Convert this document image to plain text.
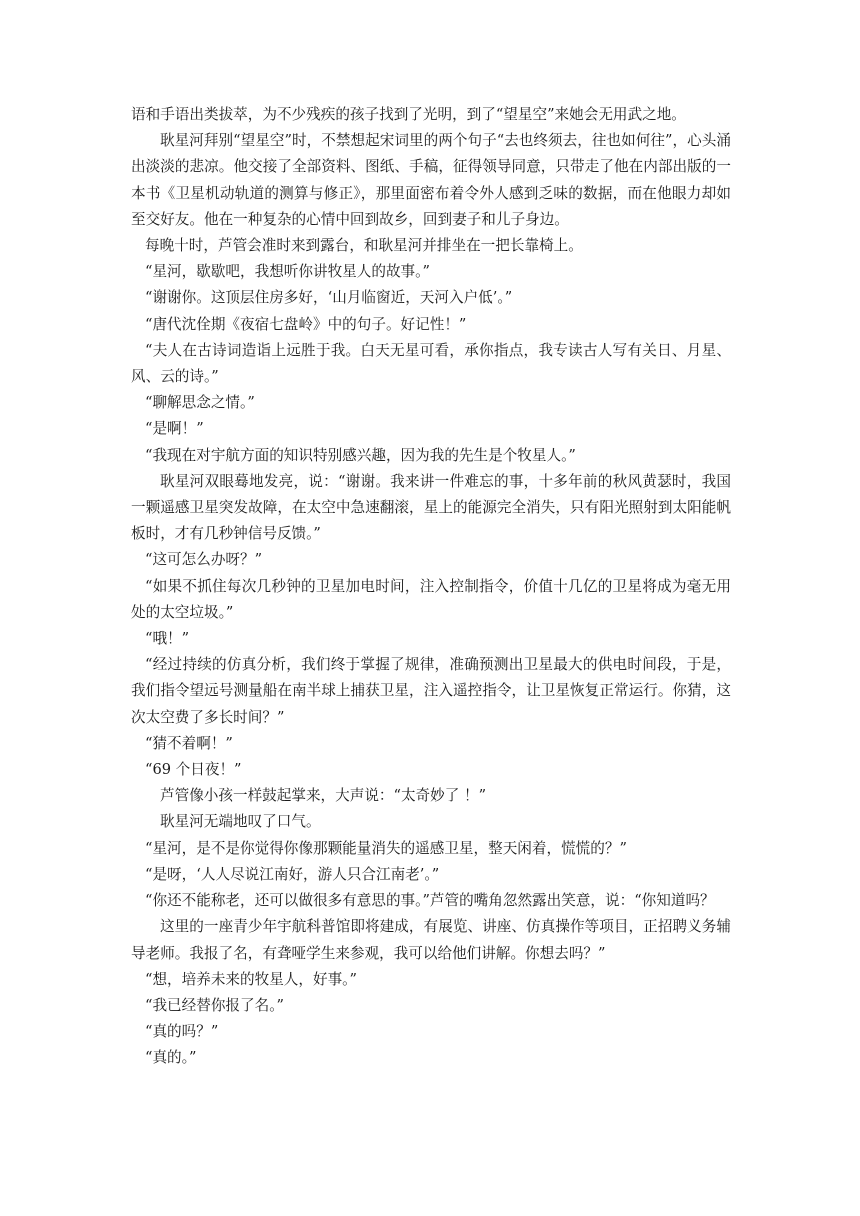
语和手语出类拔萃，为不少残疾的孩子找到了光明，到了“望星空”来她会无用武之地。

耿星河拜别“望星空”时，不禁想起宋词里的两个句子“去也终须去，往也如何往”，心头涌出淡淡的悲凉。他交接了全部资料、图纸、手稿，征得领导同意，只带走了他在内部出版的一本书《卫星机动轨道的测算与修正》，那里面密布着令外人感到乏味的数据，而在他眼力却如至交好友。他在一种复杂的心情中回到故乡，回到妻子和儿子身边。

每晚十时，芦管会准时来到露台，和耿星河并排坐在一把长靠椅上。

“星河，歇歇吧，我想听你讲牧星人的故事。”

“谢谢你。这顶层住房多好，‘山月临窗近，天河入户低’。”

“唐代沈佺期《夜宿七盘岭》中的句子。好记性！”

“夫人在古诗词造诣上远胜于我。白天无星可看，承你指点，我专读古人写有关日、月星、风、云的诗。”

“聊解思念之情。”

“是啊！”

“我现在对宇航方面的知识特别感兴趣，因为我的先生是个牧星人。”

耿星河双眼蓦地发亮，说：“谢谢。我来讲一件难忘的事，十多年前的秋风黄瑟时，我国一颗遥感卫星突发故障，在太空中急速翻滚，星上的能源完全消失，只有阳光照射到太阳能帆板时，才有几秒钟信号反馈。”

“这可怎么办呀？”

“如果不抓住每次几秒钟的卫星加电时间，注入控制指令，价值十几亿的卫星将成为毫无用处的太空垃圾。”

“哦！”

“经过持续的仿真分析，我们终于掌握了规律，准确预测出卫星最大的供电时间段，于是，我们指令望远号测量船在南半球上捕获卫星，注入遥控指令，让卫星恢复正常运行。你猜，这次太空费了多长时间？”

“猜不着啊！”

“69 个日夜！”

芦管像小孩一样鼓起掌来，大声说：“太奇妙了 ！”

耿星河无端地叹了口气。

“星河，是不是你觉得你像那颗能量消失的遥感卫星，整天闲着，慌慌的？”

“是呀，‘人人尽说江南好，游人只合江南老’。”

“你还不能称老，还可以做很多有意思的事。”芦管的嘴角忽然露出笑意，说：“你知道吗？

这里的一座青少年宇航科普馆即将建成，有展览、讲座、仿真操作等项目，正招聘义务辅导老师。我报了名，有聋哑学生来参观，我可以给他们讲解。你想去吗？”

“想，培养未来的牧星人，好事。”

“我已经替你报了名。”

“真的吗？”

“真的。”
